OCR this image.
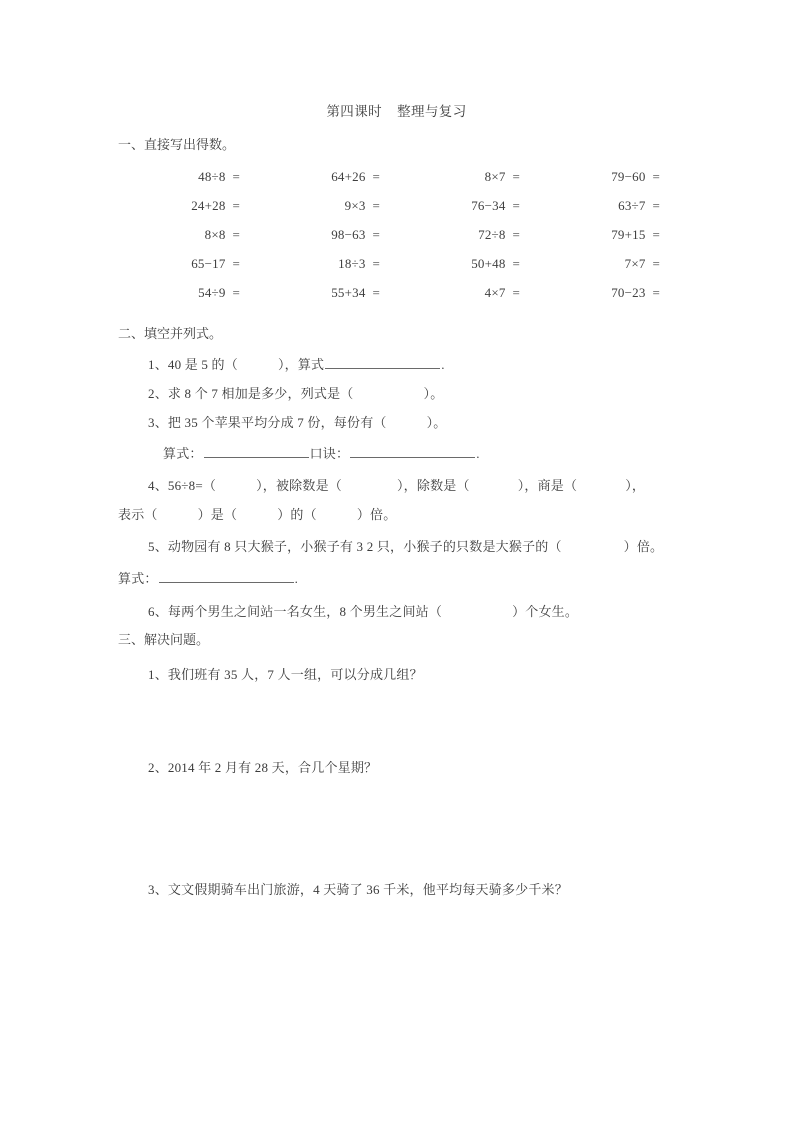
第四课时    整理与复习
一、直接写出得数。
48÷8  =	64+26  =	8×7  =	79−60  =
24+28  =	9×3  =	76−34  =	63÷7  =
8×8  =	98−63  =	72÷8  =	79+15  =
65−17  =	18÷3  =	50+48  =	7×7  =
54÷9  =	55+34  =	4×7  =	70−23  =
二、填空并列式。
1、40 是 5 的（	），算式	.
2、求 8 个 7 相加是多少，列式是（	）。
3、把 35 个苹果平均分成 7 份，每份有（	）。
算式：	口诀：	.
4、56÷8=（	），被除数是（	），除数是（	），商是（	），
表示（	）是（	）的（	）倍。
5、动物园有 8 只大猴子，小猴子有 3 2 只，小猴子的只数是大猴子的（	）倍。
算式：	.
6、每两个男生之间站一名女生，8 个男生之间站（	）个女生。
三、解决问题。
1、我们班有 35 人，7 人一组，可以分成几组？
2、2014 年 2 月有 28 天，合几个星期？
3、文文假期骑车出门旅游，4 天骑了 36 千米，他平均每天骑多少千米？
